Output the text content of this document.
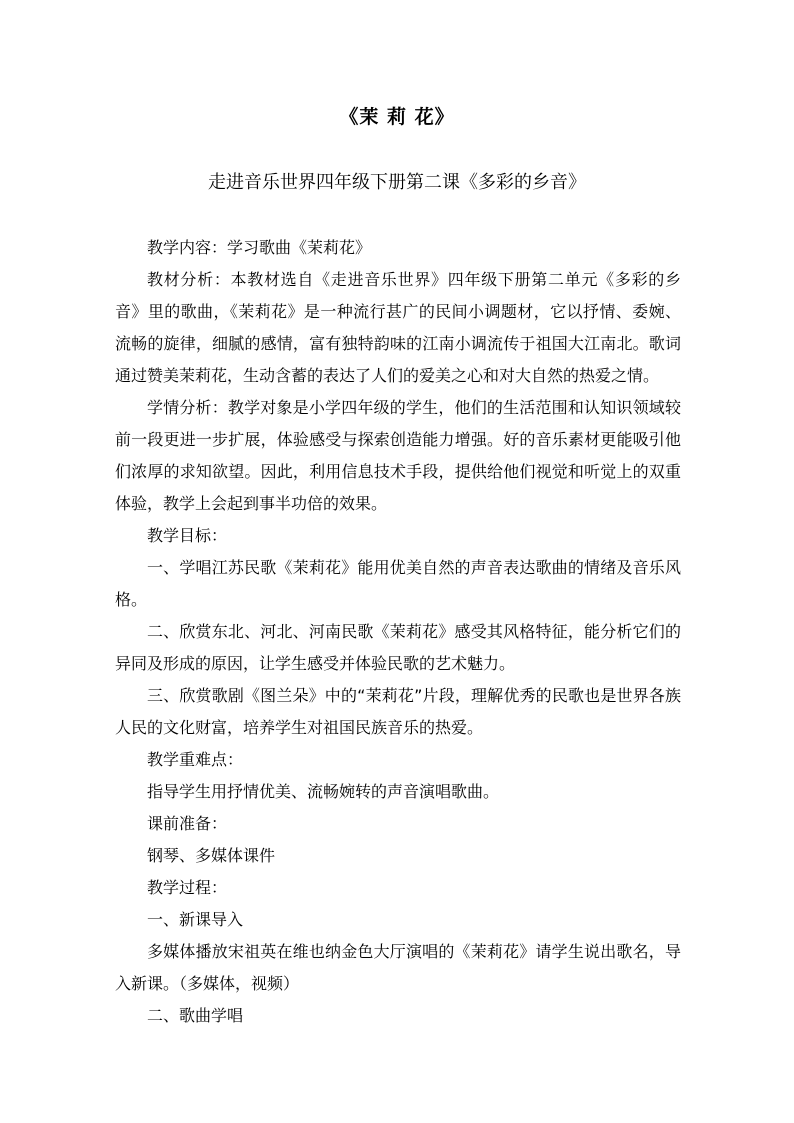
《茉 莉 花》
走进音乐世界四年级下册第二课《多彩的乡音》

教学内容：学习歌曲《茉莉花》

教材分析：本教材选自《走进音乐世界》四年级下册第二单元《多彩的乡音》里的歌曲，《茉莉花》是一种流行甚广的民间小调题材，它以抒情、委婉、流畅的旋律，细腻的感情，富有独特韵味的江南小调流传于祖国大江南北。歌词通过赞美茉莉花，生动含蓄的表达了人们的爱美之心和对大自然的热爱之情。

学情分析：教学对象是小学四年级的学生，他们的生活范围和认知识领域较前一段更进一步扩展，体验感受与探索创造能力增强。好的音乐素材更能吸引他们浓厚的求知欲望。因此，利用信息技术手段，提供给他们视觉和听觉上的双重体验，教学上会起到事半功倍的效果。

教学目标：

一、学唱江苏民歌《茉莉花》能用优美自然的声音表达歌曲的情绪及音乐风格。

二、欣赏东北、河北、河南民歌《茉莉花》感受其风格特征，能分析它们的异同及形成的原因，让学生感受并体验民歌的艺术魅力。

三、欣赏歌剧《图兰朵》中的“茉莉花”片段，理解优秀的民歌也是世界各族人民的文化财富，培养学生对祖国民族音乐的热爱。

教学重难点：

指导学生用抒情优美、流畅婉转的声音演唱歌曲。

课前准备：

钢琴、多媒体课件

教学过程：

一、新课导入

多媒体播放宋祖英在维也纳金色大厅演唱的《茉莉花》请学生说出歌名，导入新课。（多媒体，视频）

二、歌曲学唱
